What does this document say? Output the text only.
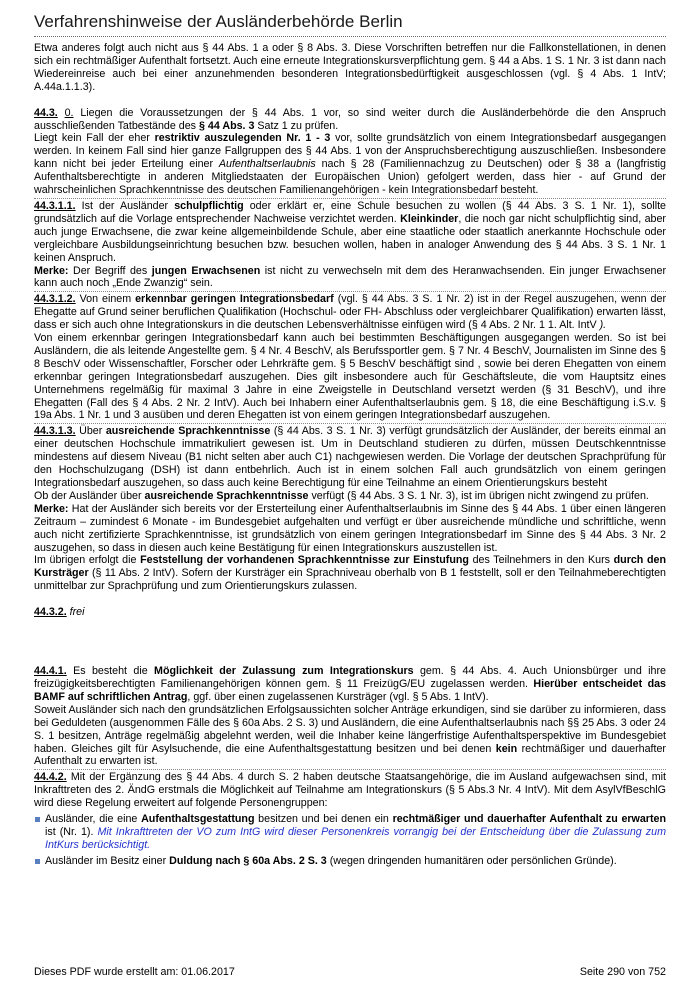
Verfahrenshinweise der Ausländerbehörde Berlin

Etwa anderes folgt auch nicht aus § 44 Abs. 1 a oder § 8 Abs. 3. Diese Vorschriften betreffen nur die Fallkonstellationen, in denen sich ein rechtmäßiger Aufenthalt fortsetzt. Auch eine erneute Integrationskursverpflichtung gem. § 44 a Abs. 1 S. 1 Nr. 3 ist dann nach Wiedereinreise auch bei einer anzunehmenden besonderen Integrationsbedürftigkeit ausgeschlossen (vgl. § 4 Abs. 1 IntV; A.44a.1.1.3).

44.3. 0. Liegen die Voraussetzungen der § 44 Abs. 1 vor, so sind weiter durch die Ausländerbehörde die den Anspruch ausschließenden Tatbestände des § 44 Abs. 3 Satz 1 zu prüfen.

Liegt kein Fall der eher restriktiv auszulegenden Nr. 1 - 3 vor, sollte grundsätzlich von einem Integrationsbedarf ausgegangen werden. In keinem Fall sind hier ganze Fallgruppen des § 44 Abs. 1 von der Anspruchsberechtigung auszuschließen. Insbesondere kann nicht bei jeder Erteilung einer Aufenthaltserlaubnis nach § 28 (Familiennachzug zu Deutschen) oder § 38 a (langfristig Aufenthaltsberechtigte in anderen Mitgliedstaaten der Europäischen Union) gefolgert werden, dass hier - auf Grund der wahrscheinlichen Sprachkenntnisse des deutschen Familienangehörigen - kein Integrationsbedarf besteht.

44.3.1.1. Ist der Ausländer schulpflichtig oder erklärt er, eine Schule besuchen zu wollen (§ 44 Abs. 3 S. 1 Nr. 1), sollte grundsätzlich auf die Vorlage entsprechender Nachweise verzichtet werden. Kleinkinder, die noch gar nicht schulpflichtig sind, aber auch junge Erwachsene, die zwar keine allgemeinbildende Schule, aber eine staatliche oder staatlich anerkannte Hochschule oder vergleichbare Ausbildungseinrichtung besuchen bzw. besuchen wollen, haben in analoger Anwendung des § 44 Abs. 3 S. 1 Nr. 1 keinen Anspruch.

Merke: Der Begriff des jungen Erwachsenen ist nicht zu verwechseln mit dem des Heranwachsenden. Ein junger Erwachsener kann auch noch „Ende Zwanzig“ sein.

44.3.1.2. Von einem erkennbar geringen Integrationsbedarf (vgl. § 44 Abs. 3 S. 1 Nr. 2) ist in der Regel auszugehen, wenn der Ehegatte auf Grund seiner beruflichen Qualifikation (Hochschul- oder FH- Abschluss oder vergleichbarer Qualifikation) erwarten lässt, dass er sich auch ohne Integrationskurs in die deutschen Lebensverhältnisse einfügen wird (§ 4 Abs. 2 Nr. 1 1. Alt. IntV ).

Von einem erkennbar geringen Integrationsbedarf kann auch bei bestimmten Beschäftigungen ausgegangen werden. So ist bei Ausländern, die als leitende Angestellte gem. § 4 Nr. 4 BeschV, als Berufssportler gem. § 7 Nr. 4 BeschV, Journalisten im Sinne des § 8 BeschV oder Wissenschaftler, Forscher oder Lehrkräfte gem. § 5 BeschV beschäftigt sind , sowie bei deren Ehegatten von einem erkennbar geringen Integrationsbedarf auszugehen. Dies gilt insbesondere auch für Geschäftsleute, die vom Hauptsitz eines Unternehmens regelmäßig für maximal 3 Jahre in eine Zweigstelle in Deutschland versetzt werden (§ 31 BeschV), und ihre Ehegatten (Fall des § 4 Abs. 2 Nr. 2 IntV). Auch bei Inhabern einer Aufenthaltserlaubnis gem. § 18, die eine Beschäftigung i.S.v. § 19a Abs. 1 Nr. 1 und 3 ausüben und deren Ehegatten ist von einem geringen Integrationsbedarf auszugehen.

44.3.1.3. Über ausreichende Sprachkenntnisse (§ 44 Abs. 3 S. 1 Nr. 3) verfügt grundsätzlich der Ausländer, der bereits einmal an einer deutschen Hochschule immatrikuliert gewesen ist. Um in Deutschland studieren zu dürfen, müssen Deutschkenntnisse mindestens auf diesem Niveau (B1 nicht selten aber auch C1) nachgewiesen werden. Die Vorlage der deutschen Sprachprüfung für den Hochschulzugang (DSH) ist dann entbehrlich. Auch ist in einem solchen Fall auch grundsätzlich von einem geringen Integrationsbedarf auszugehen, so dass auch keine Berechtigung für eine Teilnahme an einem Orientierungskurs besteht

Ob der Ausländer über ausreichende Sprachkenntnisse verfügt (§ 44 Abs. 3 S. 1 Nr. 3), ist im übrigen nicht zwingend zu prüfen.

Merke: Hat der Ausländer sich bereits vor der Ersterteilung einer Aufenthaltserlaubnis im Sinne des § 44 Abs. 1 über einen längeren Zeitraum – zumindest 6 Monate - im Bundesgebiet aufgehalten und verfügt er über ausreichende mündliche und schriftliche, wenn auch nicht zertifizierte Sprachkenntnisse, ist grundsätzlich von einem geringen Integrationsbedarf im Sinne des § 44 Abs. 3 Nr. 2 auszugehen, so dass in diesen auch keine Bestätigung für einen Integrationskurs auszustellen ist.

Im übrigen erfolgt die Feststellung der vorhandenen Sprachkenntnisse zur Einstufung des Teilnehmers in den Kurs durch den Kursträger (§ 11 Abs. 2 IntV). Sofern der Kursträger ein Sprachniveau oberhalb von B 1 feststellt, soll er den Teilnahmeberechtigten unmittelbar zur Sprachprüfung und zum Orientierungskurs zulassen.

44.3.2. frei

44.4.1. Es besteht die Möglichkeit der Zulassung zum Integrationskurs gem. § 44 Abs. 4. Auch Unionsbürger und ihre freizügigkeitsberechtigten Familienangehörigen können gem. § 11 FreizügG/EU zugelassen werden. Hierüber entscheidet das BAMF auf schriftlichen Antrag, ggf. über einen zugelassenen Kursträger (vgl. § 5 Abs. 1 IntV).

Soweit Ausländer sich nach den grundsätzlichen Erfolgsaussichten solcher Anträge erkundigen, sind sie darüber zu informieren, dass bei Geduldeten (ausgenommen Fälle des § 60a Abs. 2 S. 3) und Ausländern, die eine Aufenthaltserlaubnis nach §§ 25 Abs. 3 oder 24 S. 1 besitzen, Anträge regelmäßig abgelehnt werden, weil die Inhaber keine längerfristige Aufenthaltsperspektive im Bundesgebiet haben. Gleiches gilt für Asylsuchende, die eine Aufenthaltsgestattung besitzen und bei denen kein rechtmäßiger und dauerhafter Aufenthalt zu erwarten ist.

44.4.2. Mit der Ergänzung des § 44 Abs. 4 durch S. 2 haben deutsche Staatsangehörige, die im Ausland aufgewachsen sind, mit Inkrafttreten des 2. ÄndG erstmals die Möglichkeit auf Teilnahme am Integrationskurs (§ 5 Abs.3 Nr. 4 IntV). Mit dem AsylVfBeschlG wird diese Regelung erweitert auf folgende Personengruppen:

Ausländer, die eine Aufenthaltsgestattung besitzen und bei denen ein rechtmäßiger und dauerhafter Aufenthalt zu erwarten ist (Nr. 1). Mit Inkrafttreten der VO zum IntG wird dieser Personenkreis vorrangig bei der Entscheidung über die Zulassung zum IntKurs berücksichtigt.

Ausländer im Besitz einer Duldung nach § 60a Abs. 2 S. 3 (wegen dringenden humanitären oder persönlichen Gründe).

Dieses PDF wurde erstellt am: 01.06.2017	Seite 290 von 752
